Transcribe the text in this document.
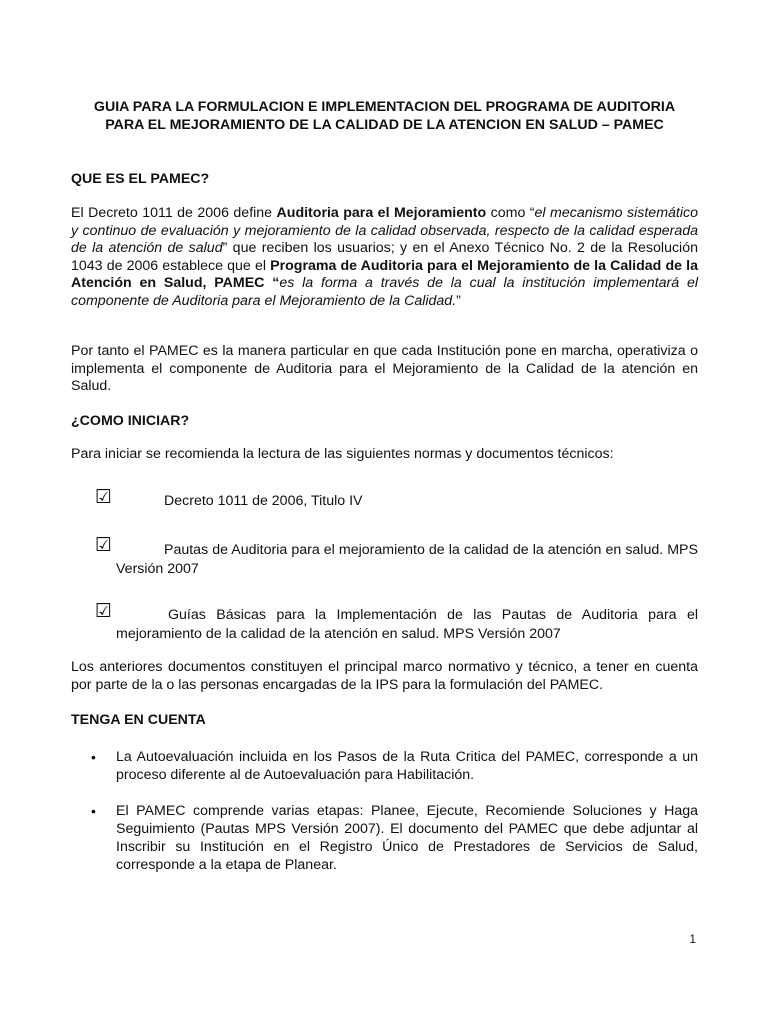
GUIA PARA LA FORMULACION E IMPLEMENTACION DEL PROGRAMA DE AUDITORIA
PARA EL MEJORAMIENTO DE LA CALIDAD DE LA ATENCION EN SALUD – PAMEC
QUE ES EL PAMEC?
El Decreto 1011 de 2006 define Auditoria para el Mejoramiento como “el mecanismo sistemático y continuo de evaluación y mejoramiento de la calidad observada, respecto de la calidad esperada de la atención de salud” que reciben los usuarios; y en el Anexo Técnico No. 2 de la Resolución 1043 de 2006 establece que el Programa de Auditoria para el Mejoramiento de la Calidad de la Atención en Salud, PAMEC “es la forma a través de la cual la institución implementará el componente de Auditoria para el Mejoramiento de la Calidad.”
Por tanto el PAMEC es la manera particular en que cada Institución pone en marcha, operativiza o implementa el componente de Auditoria para el Mejoramiento de la Calidad de la atención en Salud.
¿COMO INICIAR?
Para iniciar se recomienda la lectura de las siguientes normas y documentos técnicos:
☑	Decreto 1011 de 2006, Titulo IV
☑	Pautas de Auditoria para el mejoramiento de la calidad de la atención en salud. MPS Versión 2007
☑	Guías Básicas para la Implementación de las Pautas de Auditoria para el mejoramiento de la calidad de la atención en salud. MPS Versión 2007
Los anteriores documentos constituyen el principal marco normativo y técnico, a tener en cuenta por parte de la o las personas encargadas de la IPS para la formulación del PAMEC.
TENGA EN CUENTA
• La Autoevaluación incluida en los Pasos de la Ruta Critica del PAMEC, corresponde a un proceso diferente al de Autoevaluación para Habilitación.
• El PAMEC comprende varias etapas: Planee, Ejecute, Recomiende Soluciones y Haga Seguimiento (Pautas MPS Versión 2007). El documento del PAMEC que debe adjuntar al Inscribir su Institución en el Registro Único de Prestadores de Servicios de Salud, corresponde a la etapa de Planear.
1
